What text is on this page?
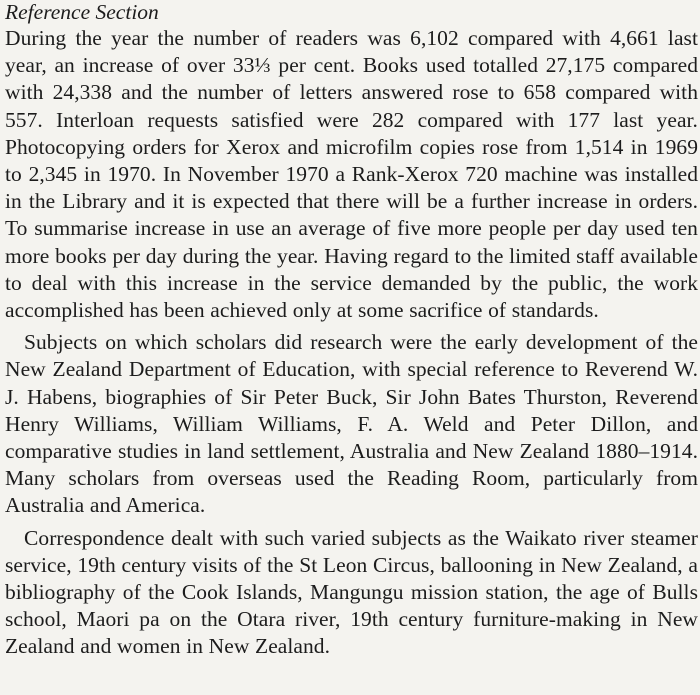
Reference Section

During the year the number of readers was 6,102 compared with 4,661 last year, an increase of over 33⅓ per cent. Books used totalled 27,175 compared with 24,338 and the number of letters answered rose to 658 compared with 557. Interloan requests satisfied were 282 compared with 177 last year. Photocopying orders for Xerox and microfilm copies rose from 1,514 in 1969 to 2,345 in 1970. In November 1970 a Rank-Xerox 720 machine was installed in the Library and it is expected that there will be a further increase in orders. To summarise increase in use an average of five more people per day used ten more books per day during the year. Having regard to the limited staff available to deal with this increase in the service demanded by the public, the work accomplished has been achieved only at some sacrifice of standards.

Subjects on which scholars did research were the early development of the New Zealand Department of Education, with special reference to Reverend W. J. Habens, biographies of Sir Peter Buck, Sir John Bates Thurston, Reverend Henry Williams, William Williams, F. A. Weld and Peter Dillon, and comparative studies in land settlement, Australia and New Zealand 1880–1914. Many scholars from overseas used the Reading Room, particularly from Australia and America.

Correspondence dealt with such varied subjects as the Waikato river steamer service, 19th century visits of the St Leon Circus, ballooning in New Zealand, a bibliography of the Cook Islands, Mangungu mission station, the age of Bulls school, Maori pa on the Otara river, 19th century furniture-making in New Zealand and women in New Zealand.
